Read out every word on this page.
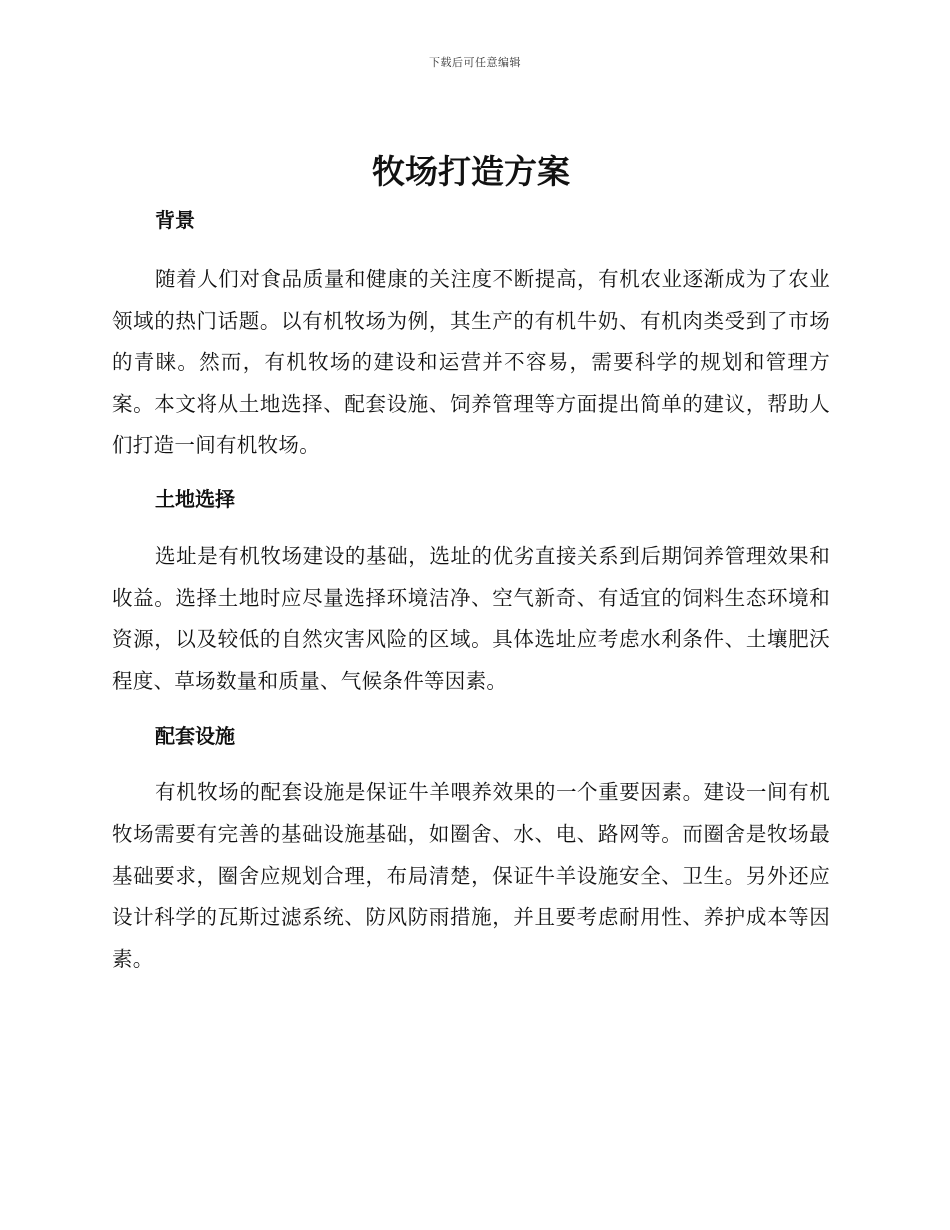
下载后可任意编辑
牧场打造方案
背景

随着人们对食品质量和健康的关注度不断提高，有机农业逐渐成为了农业领域的热门话题。以有机牧场为例，其生产的有机牛奶、有机肉类受到了市场的青睐。然而，有机牧场的建设和运营并不容易，需要科学的规划和管理方案。本文将从土地选择、配套设施、饲养管理等方面提出简单的建议，帮助人们打造一间有机牧场。

土地选择

选址是有机牧场建设的基础，选址的优劣直接关系到后期饲养管理效果和收益。选择土地时应尽量选择环境洁净、空气新奇、有适宜的饲料生态环境和资源，以及较低的自然灾害风险的区域。具体选址应考虑水利条件、土壤肥沃程度、草场数量和质量、气候条件等因素。

配套设施

有机牧场的配套设施是保证牛羊喂养效果的一个重要因素。建设一间有机牧场需要有完善的基础设施基础，如圈舍、水、电、路网等。而圈舍是牧场最基础要求，圈舍应规划合理，布局清楚，保证牛羊设施安全、卫生。另外还应设计科学的瓦斯过滤系统、防风防雨措施，并且要考虑耐用性、养护成本等因素。
